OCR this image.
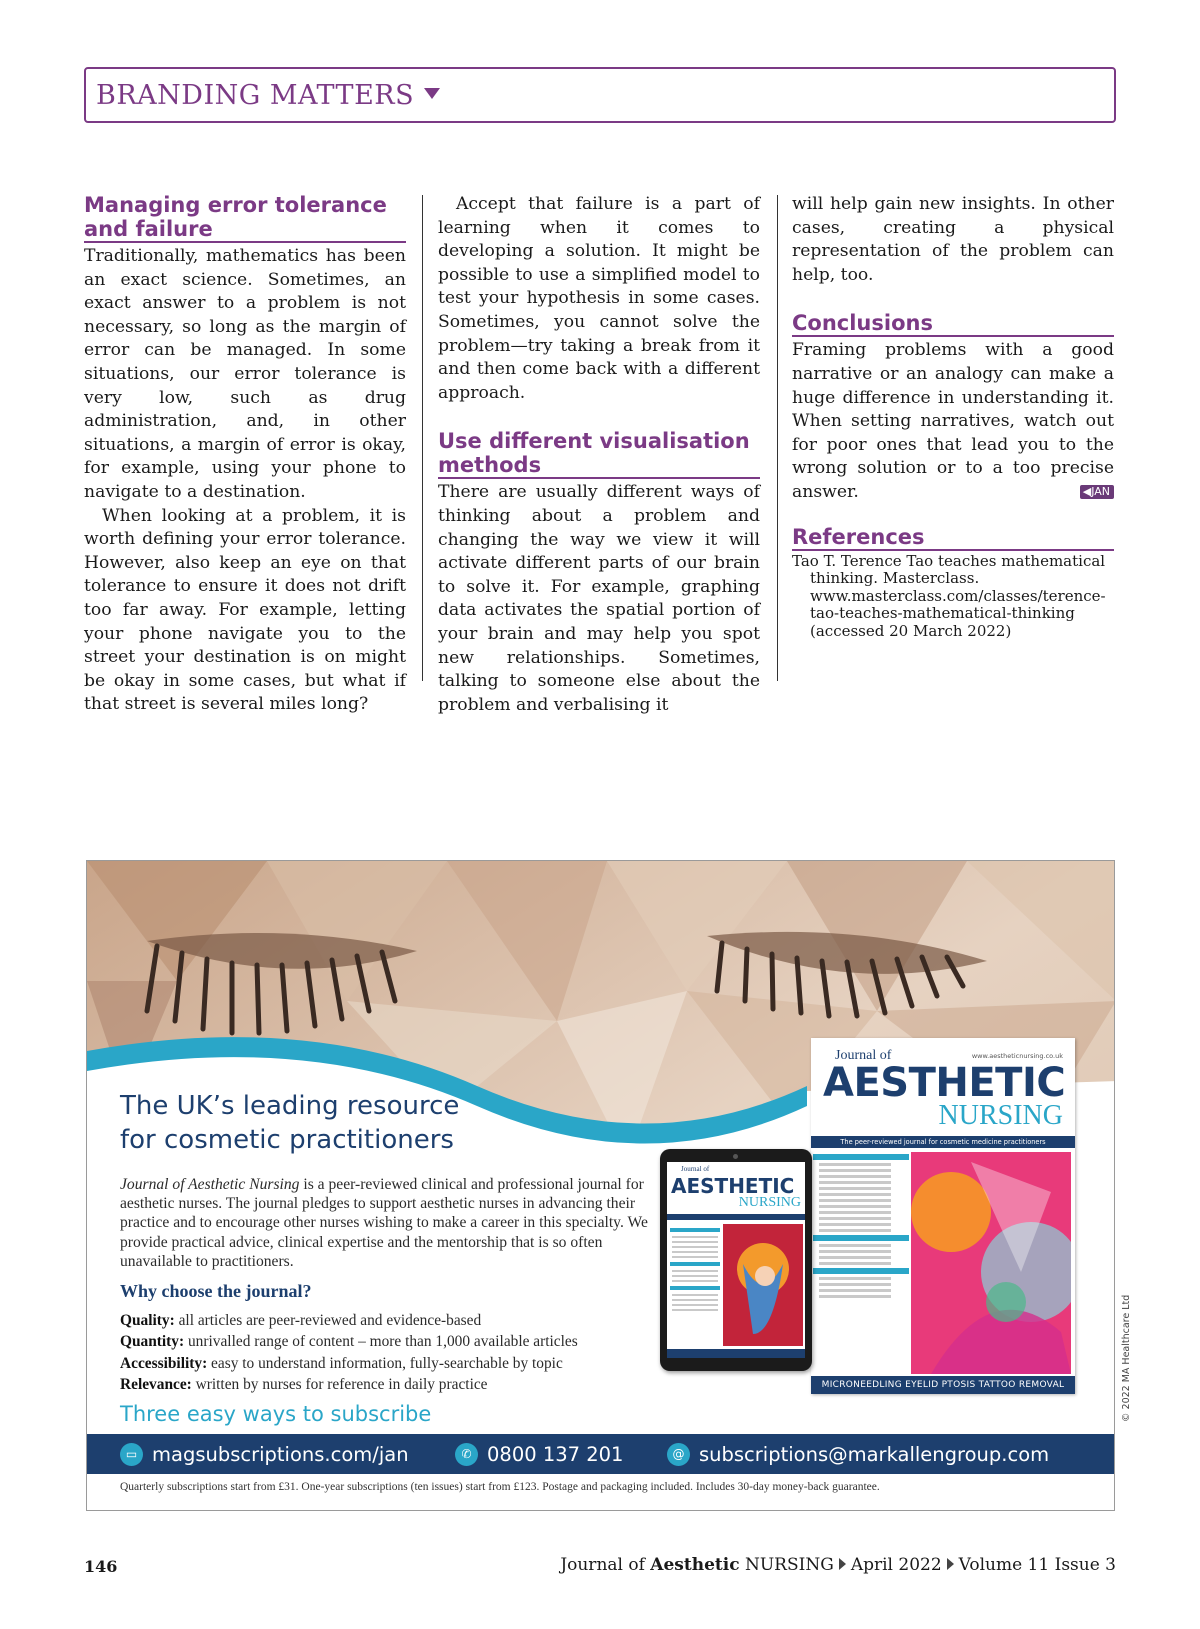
BRANDING MATTERS
Managing error tolerance and failure

Traditionally, mathematics has been an exact science. Sometimes, an exact answer to a problem is not necessary, so long as the margin of error can be managed. In some situations, our error tolerance is very low, such as drug administration, and, in other situations, a margin of error is okay, for example, using your phone to navigate to a destination.

When looking at a problem, it is worth defining your error tolerance. However, also keep an eye on that tolerance to ensure it does not drift too far away. For example, letting your phone navigate you to the street your destination is on might be okay in some cases, but what if that street is several miles long?

Accept that failure is a part of learning when it comes to developing a solution. It might be possible to use a simplified model to test your hypothesis in some cases. Sometimes, you cannot solve the problem—try taking a break from it and then come back with a different approach.

Use different visualisation methods

There are usually different ways of thinking about a problem and changing the way we view it will activate different parts of our brain to solve it. For example, graphing data activates the spatial portion of your brain and may help you spot new relationships. Sometimes, talking to someone else about the problem and verbalising it

will help gain new insights. In other cases, creating a physical representation of the problem can help, too.

Conclusions

Framing problems with a good narrative or an analogy can make a huge difference in understanding it. When setting narratives, watch out for poor ones that lead you to the wrong solution or to a too precise answer.	◀JAN

References

Tao T. Terence Tao teaches mathematical thinking. Masterclass. www.masterclass.com/classes/terence-tao-teaches-mathematical-thinking (accessed 20 March 2022)

The UK’s leading resource
for cosmetic practitioners

Journal of Aesthetic Nursing is a peer-reviewed clinical and professional journal for aesthetic nurses. The journal pledges to support aesthetic nurses in advancing their practice and to encourage other nurses wishing to make a career in this specialty. We provide practical advice, clinical expertise and the mentorship that is so often unavailable to practitioners.

Why choose the journal?
Quality: all articles are peer-reviewed and evidence-based
Quantity: unrivalled range of content – more than 1,000 available articles
Accessibility: easy to understand information, fully-searchable by topic
Relevance: written by nurses for reference in daily practice
Three easy ways to subscribe
▭ magsubscriptions.com/jan	✆ 0800 137 201	@ subscriptions@markallengroup.com
Quarterly subscriptions start from £31. One-year subscriptions (ten issues) start from £123. Postage and packaging included. Includes 30-day money-back guarantee.
Journal of	www.aestheticnursing.co.uk
AESTHETIC
NURSING
The peer-reviewed journal for cosmetic medicine practitioners
MICRONEEDLING EYELID PTOSIS TATTOO REMOVAL
Journal of
AESTHETIC
NURSING
© 2022 MA Healthcare Ltd
146	Journal of Aesthetic NURSING April 2022 Volume 11 Issue 3
